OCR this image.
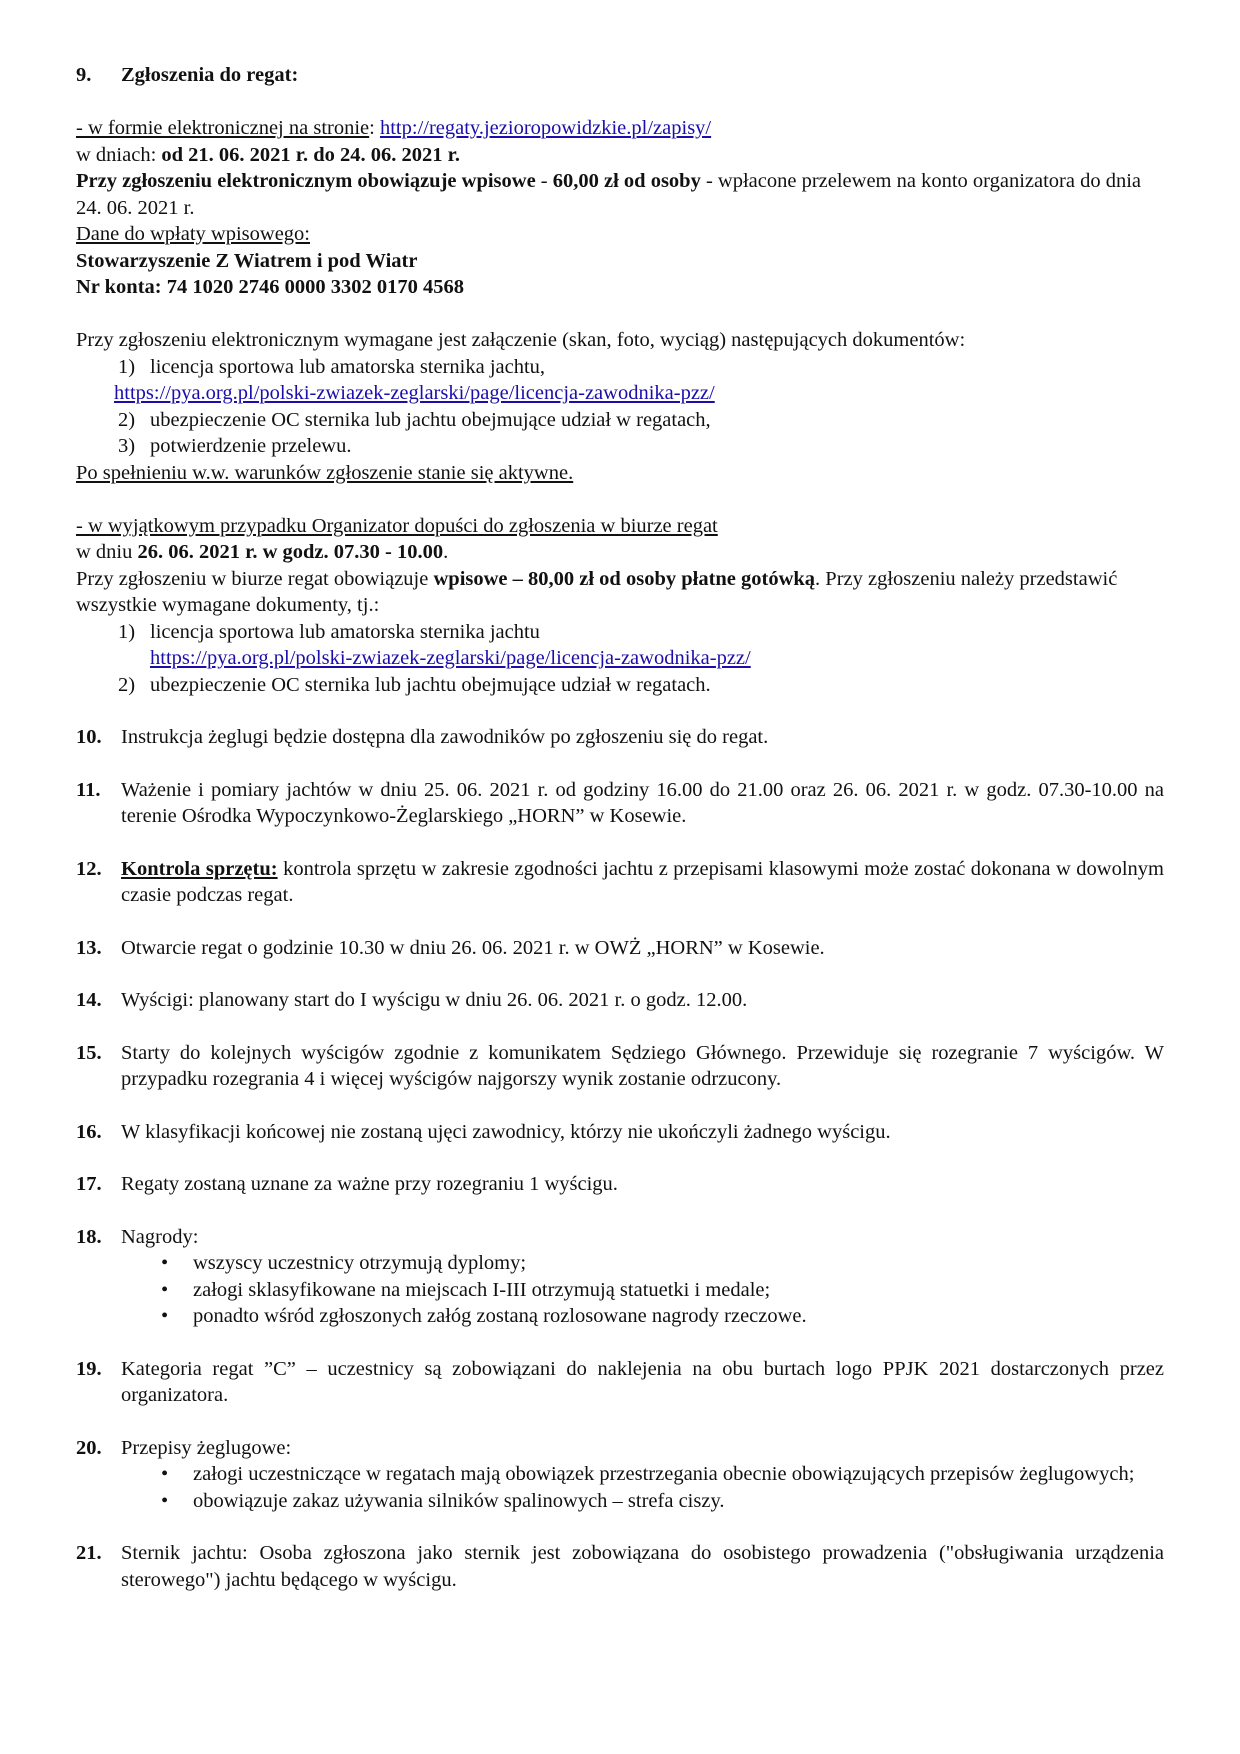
9.	Zgłoszenia do regat:

- w formie elektronicznej na stronie: http://regaty.jezioropowidzkie.pl/zapisy/

w dniach: od 21. 06. 2021 r. do 24. 06. 2021 r.

Przy zgłoszeniu elektronicznym obowiązuje wpisowe - 60,00 zł od osoby - wpłacone przelewem na konto organizatora do dnia 24. 06. 2021 r.

Dane do wpłaty wpisowego:

Stowarzyszenie Z Wiatrem i pod Wiatr

Nr konta: 74 1020 2746 0000 3302 0170 4568

Przy zgłoszeniu elektronicznym wymagane jest załączenie (skan, foto, wyciąg) następujących dokumentów:

1) licencja sportowa lub amatorska sternika jachtu,
https://pya.org.pl/polski-zwiazek-zeglarski/page/licencja-zawodnika-pzz/
2) ubezpieczenie OC sternika lub jachtu obejmujące udział w regatach,
3) potwierdzenie przelewu.

Po spełnieniu w.w. warunków zgłoszenie stanie się aktywne.

- w wyjątkowym przypadku Organizator dopuści do zgłoszenia w biurze regat

w dniu 26. 06. 2021 r. w godz. 07.30 - 10.00.

Przy zgłoszeniu w biurze regat obowiązuje wpisowe – 80,00 zł od osoby płatne gotówką. Przy zgłoszeniu należy przedstawić wszystkie wymagane dokumenty, tj.:

1) licencja sportowa lub amatorska sternika jachtu
https://pya.org.pl/polski-zwiazek-zeglarski/page/licencja-zawodnika-pzz/
2) ubezpieczenie OC sternika lub jachtu obejmujące udział w regatach.
10. Instrukcja żeglugi będzie dostępna dla zawodników po zgłoszeniu się do regat.
11.	Ważenie i pomiary jachtów w dniu 25. 06. 2021 r. od godziny 16.00 do 21.00 oraz 26. 06. 2021 r. w godz. 07.30-10.00 na terenie Ośrodka Wypoczynkowo-Żeglarskiego „HORN” w Kosewie.
12. Kontrola sprzętu: kontrola sprzętu w zakresie zgodności jachtu z przepisami klasowymi może zostać dokonana w dowolnym czasie podczas regat.
13. Otwarcie regat o godzinie 10.30 w dniu 26. 06. 2021 r. w OWŻ „HORN” w Kosewie.
14. Wyścigi: planowany start do I wyścigu w dniu 26. 06. 2021 r. o godz. 12.00.
15. Starty do kolejnych wyścigów zgodnie z komunikatem Sędziego Głównego. Przewiduje się rozegranie 7 wyścigów. W przypadku rozegrania 4 i więcej wyścigów najgorszy wynik zostanie odrzucony.
16. W klasyfikacji końcowej nie zostaną ujęci zawodnicy, którzy nie ukończyli żadnego wyścigu.
17. Regaty zostaną uznane za ważne przy rozegraniu 1 wyścigu.
18. Nagrody:
•	wszyscy uczestnicy otrzymują dyplomy;
•	załogi sklasyfikowane na miejscach I-III otrzymują statuetki i medale;
•	ponadto wśród zgłoszonych załóg zostaną rozlosowane nagrody rzeczowe.
19. Kategoria regat ”C” – uczestnicy są zobowiązani do naklejenia na obu burtach logo PPJK 2021 dostarczonych przez organizatora.
20. Przepisy żeglugowe:
•	załogi uczestniczące w regatach mają obowiązek przestrzegania obecnie obowiązujących przepisów żeglugowych;
•	obowiązuje zakaz używania silników spalinowych – strefa ciszy.
21. Sternik jachtu: Osoba zgłoszona jako sternik jest zobowiązana do osobistego prowadzenia ("obsługiwania urządzenia sterowego") jachtu będącego w wyścigu.
